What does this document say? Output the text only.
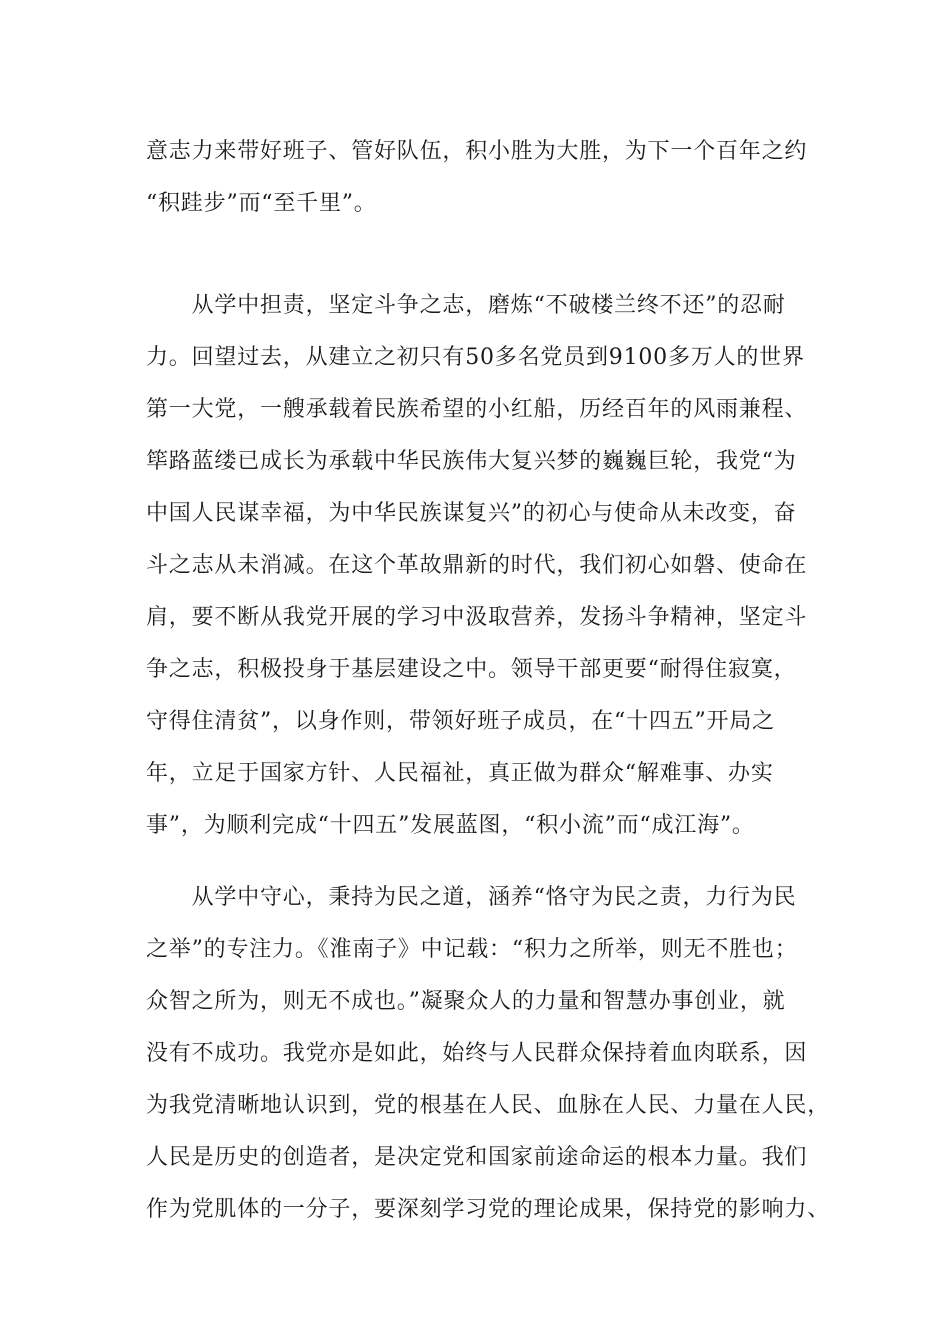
意志力来带好班子、管好队伍，积小胜为大胜，为下一个百年之约
“积跬步”而“至千里”。
　　从学中担责，坚定斗争之志，磨炼“不破楼兰终不还”的忍耐
力。回望过去，从建立之初只有50多名党员到9100多万人的世界
第一大党，一艘承载着民族希望的小红船，历经百年的风雨兼程、
筚路蓝缕已成长为承载中华民族伟大复兴梦的巍巍巨轮，我党“为
中国人民谋幸福，为中华民族谋复兴”的初心与使命从未改变，奋
斗之志从未消减。在这个革故鼎新的时代，我们初心如磐、使命在
肩，要不断从我党开展的学习中汲取营养，发扬斗争精神，坚定斗
争之志，积极投身于基层建设之中。领导干部更要“耐得住寂寞，
守得住清贫”，以身作则，带领好班子成员，在“十四五”开局之
年，立足于国家方针、人民福祉，真正做为群众“解难事、办实
事”，为顺利完成“十四五”发展蓝图，“积小流”而“成江海”。
　　从学中守心，秉持为民之道，涵养“恪守为民之责，力行为民
之举”的专注力。《淮南子》中记载：“积力之所举，则无不胜也；
众智之所为，则无不成也。”凝聚众人的力量和智慧办事创业，就
没有不成功。我党亦是如此，始终与人民群众保持着血肉联系，因
为我党清晰地认识到，党的根基在人民、血脉在人民、力量在人民，
人民是历史的创造者，是决定党和国家前途命运的根本力量。我们
作为党肌体的一分子，要深刻学习党的理论成果，保持党的影响力、
